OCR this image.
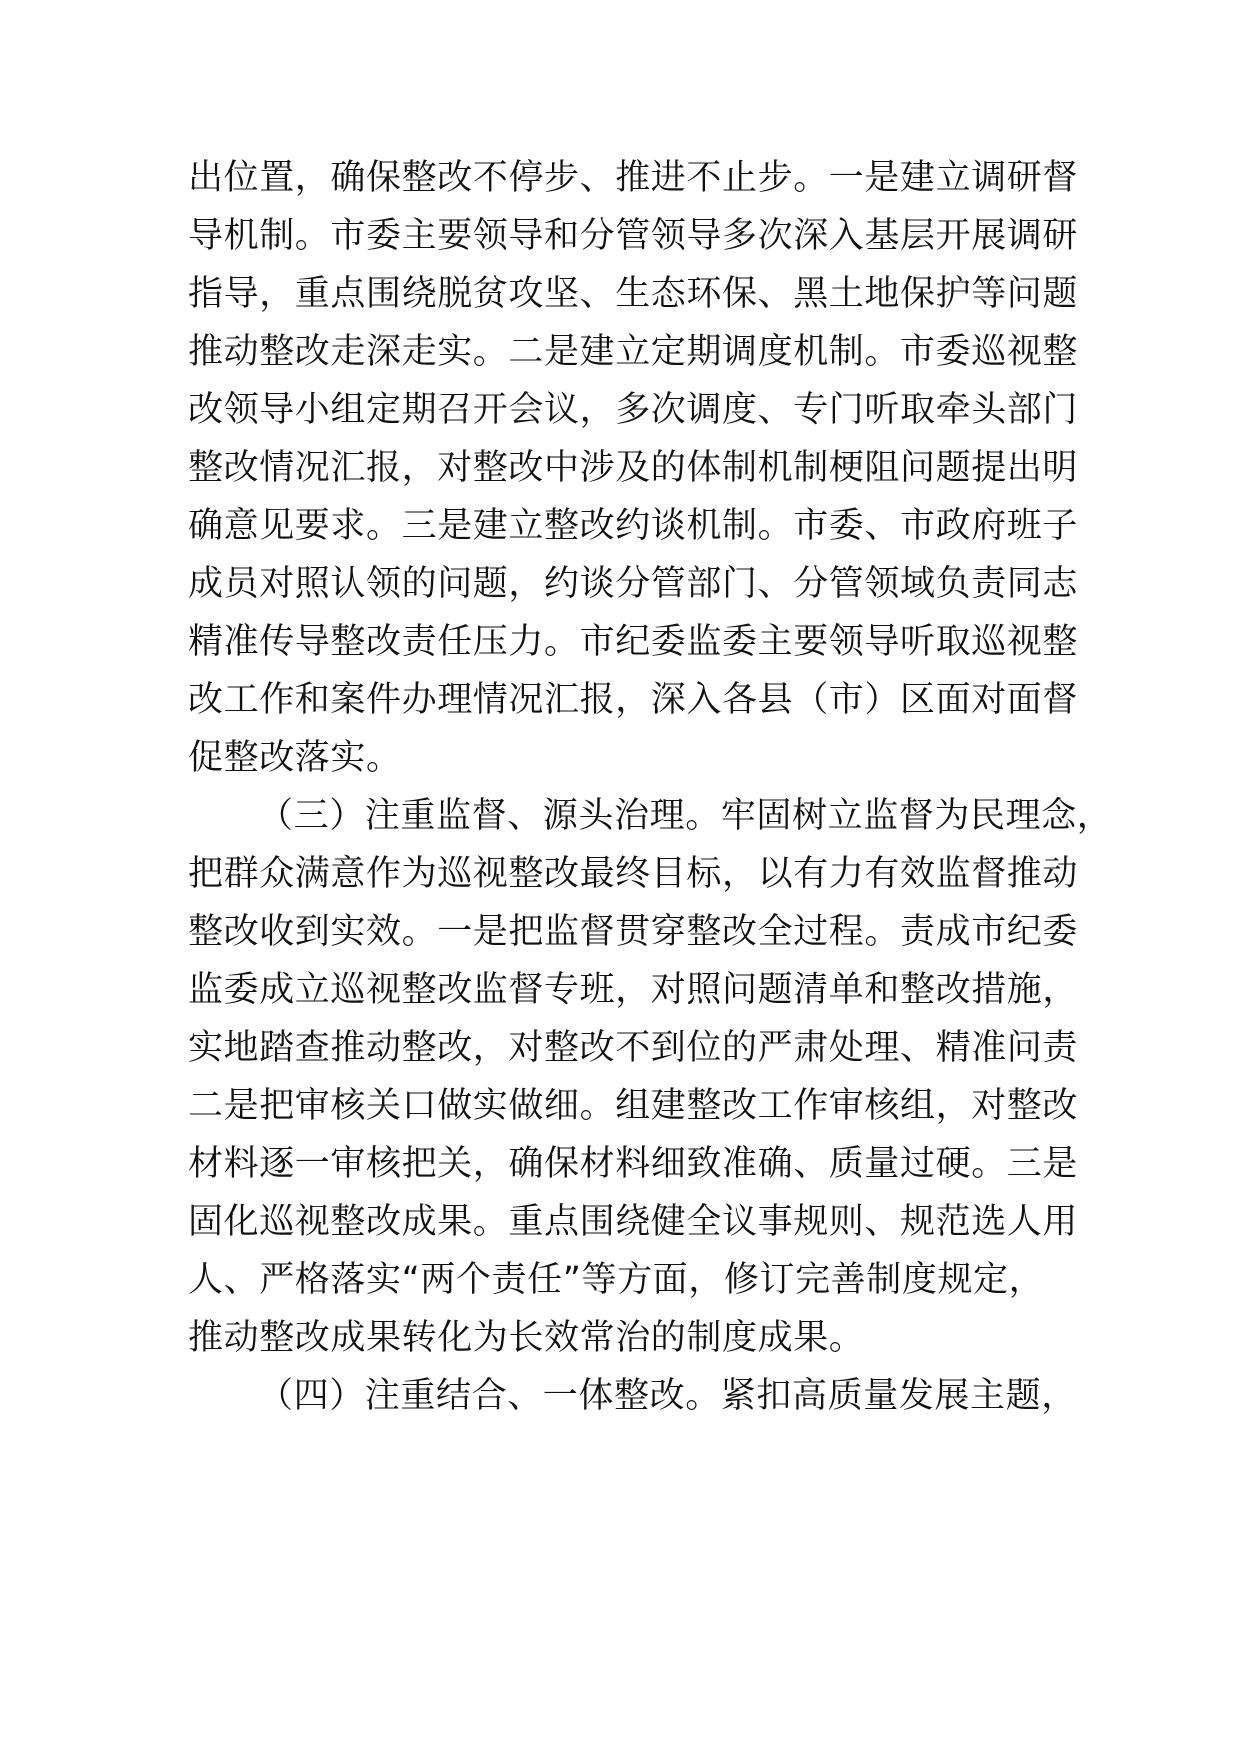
出位置，确保整改不停步、推进不止步。一是建立调研督
导机制。市委主要领导和分管领导多次深入基层开展调研
指导，重点围绕脱贫攻坚、生态环保、黑土地保护等问题
推动整改走深走实。二是建立定期调度机制。市委巡视整
改领导小组定期召开会议，多次调度、专门听取牵头部门
整改情况汇报，对整改中涉及的体制机制梗阻问题提出明
确意见要求。三是建立整改约谈机制。市委、市政府班子
成员对照认领的问题，约谈分管部门、分管领域负责同志
精准传导整改责任压力。市纪委监委主要领导听取巡视整
改工作和案件办理情况汇报，深入各县（市）区面对面督
促整改落实。
（三）注重监督、源头治理。牢固树立监督为民理念，
把群众满意作为巡视整改最终目标，以有力有效监督推动
整改收到实效。一是把监督贯穿整改全过程。责成市纪委
监委成立巡视整改监督专班，对照问题清单和整改措施，
实地踏查推动整改，对整改不到位的严肃处理、精准问责
二是把审核关口做实做细。组建整改工作审核组，对整改
材料逐一审核把关，确保材料细致准确、质量过硬。三是
固化巡视整改成果。重点围绕健全议事规则、规范选人用
人、严格落实“两个责任”等方面，修订完善制度规定，
推动整改成果转化为长效常治的制度成果。
（四）注重结合、一体整改。紧扣高质量发展主题，
